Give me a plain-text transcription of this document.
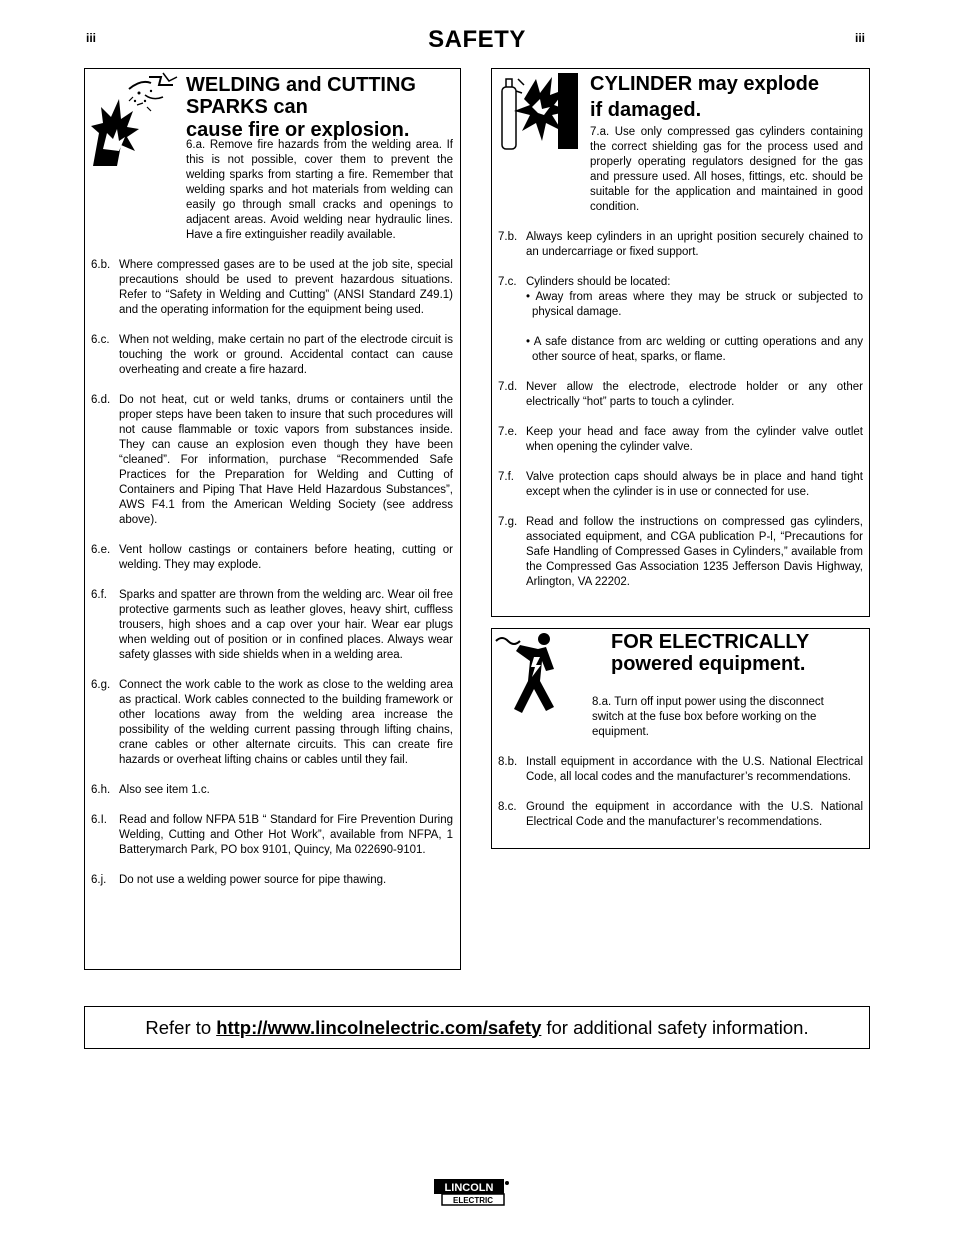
iii	SAFETY	iii
WELDING and CUTTING
SPARKS can
cause fire or explosion.
6.a. Remove fire hazards from the welding area. If this is not possible, cover them to prevent the welding sparks from starting a fire. Remember that welding sparks and hot materials from welding can easily go through small cracks and openings to adjacent areas. Avoid welding near hydraulic lines. Have a fire extinguisher readily available.
6.b. Where compressed gases are to be used at the job site, special precautions should be used to prevent hazardous situations. Refer to “Safety in Welding and Cutting” (ANSI Standard Z49.1) and the operating information for the equipment being used.
6.c. When not welding, make certain no part of the electrode circuit is touching the work or ground. Accidental contact can cause overheating and create a fire hazard.
6.d. Do not heat, cut or weld tanks, drums or containers until the proper steps have been taken to insure that such procedures will not cause flammable or toxic vapors from substances inside. They can cause an explosion even though they have been “cleaned”. For information, purchase “Recommended Safe Practices for the Preparation for Welding and Cutting of Containers and Piping That Have Held Hazardous Substances”, AWS F4.1 from the American Welding Society (see address above).
6.e. Vent hollow castings or containers before heating, cutting or welding. They may explode.
6.f. Sparks and spatter are thrown from the welding arc. Wear oil free protective garments such as leather gloves, heavy shirt, cuffless trousers, high shoes and a cap over your hair. Wear ear plugs when welding out of position or in confined places. Always wear safety glasses with side shields when in a welding area.
6.g. Connect the work cable to the work as close to the welding area as practical. Work cables connected to the building framework or other locations away from the welding area increase the possibility of the welding current passing through lifting chains, crane cables or other alternate circuits. This can create fire hazards or overheat lifting chains or cables until they fail.
6.h. Also see item 1.c.
6.I. Read and follow NFPA 51B “ Standard for Fire Prevention During Welding, Cutting and Other Hot Work”, available from NFPA, 1 Batterymarch Park, PO box 9101, Quincy, Ma 022690-9101.
6.j. Do not use a welding power source for pipe thawing.
CYLINDER may explode
if damaged.
7.a. Use only compressed gas cylinders containing the correct shielding gas for the process used and properly operating regulators designed for the gas and pressure used. All hoses, fittings, etc. should be suitable for the application and maintained in good condition.
7.b. Always keep cylinders in an upright position securely chained to an undercarriage or fixed support.
7.c. Cylinders should be located:
• Away from areas where they may be struck or subjected to physical damage.
• A safe distance from arc welding or cutting operations and any other source of heat, sparks, or flame.
7.d. Never allow the electrode, electrode holder or any other electrically “hot” parts to touch a cylinder.
7.e. Keep your head and face away from the cylinder valve outlet when opening the cylinder valve.
7.f. Valve protection caps should always be in place and hand tight except when the cylinder is in use or connected for use.
7.g. Read and follow the instructions on compressed gas cylinders, associated equipment, and CGA publication P-l, “Precautions for Safe Handling of Compressed Gases in Cylinders,” available from the Compressed Gas Association 1235 Jefferson Davis Highway, Arlington, VA 22202.
FOR ELECTRICALLY
powered equipment.
8.a. Turn off input power using the disconnect switch at the fuse box before working on the equipment.
8.b. Install equipment in accordance with the U.S. National Electrical Code, all local codes and the manufacturer’s recommendations.
8.c. Ground the equipment in accordance with the U.S. National Electrical Code and the manufacturer’s recommendations.
Refer to http://www.lincolnelectric.com/safety for additional safety information.
LINCOLN
ELECTRIC
